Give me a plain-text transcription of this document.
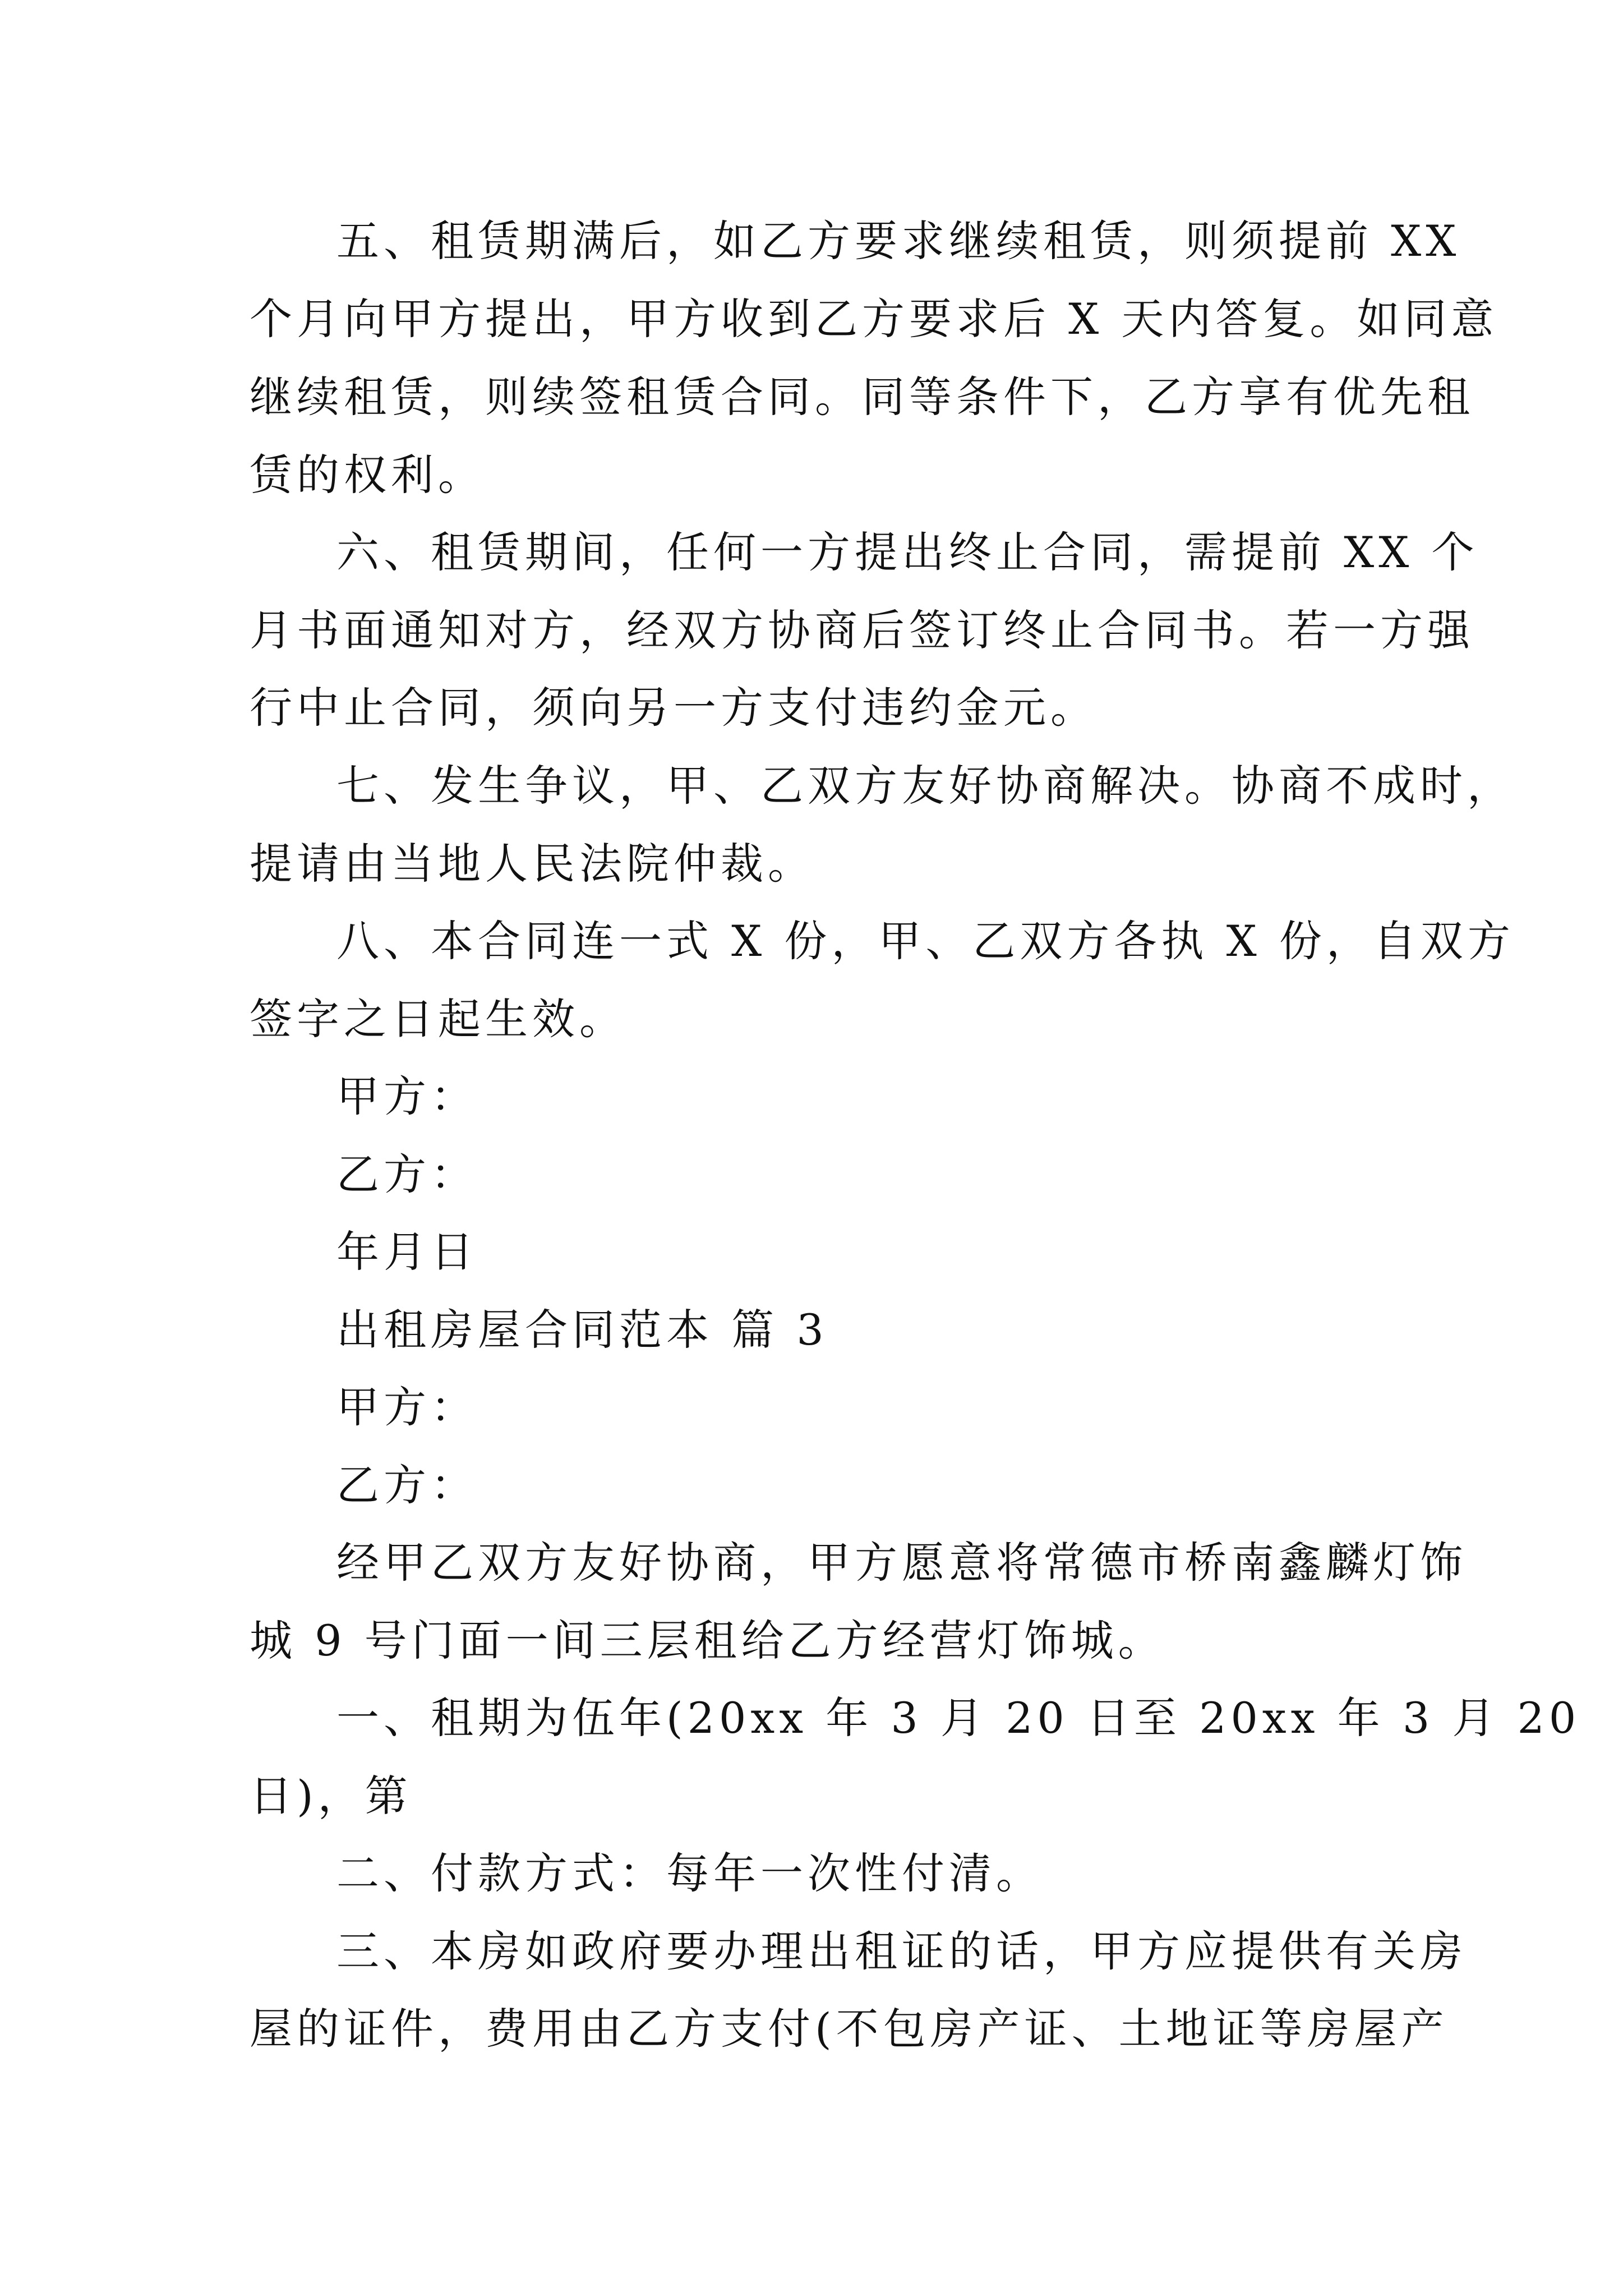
五、租赁期满后，如乙方要求继续租赁，则须提前 XX
个月向甲方提出，甲方收到乙方要求后 X 天内答复。如同意
继续租赁，则续签租赁合同。同等条件下，乙方享有优先租
赁的权利。
六、租赁期间，任何一方提出终止合同，需提前 XX 个
月书面通知对方，经双方协商后签订终止合同书。若一方强
行中止合同，须向另一方支付违约金元。
七、发生争议，甲、乙双方友好协商解决。协商不成时，
提请由当地人民法院仲裁。
八、本合同连一式 X 份，甲、乙双方各执 X 份，自双方
签字之日起生效。
甲方：
乙方：
年月日
出租房屋合同范本 篇 3
甲方：
乙方：
经甲乙双方友好协商，甲方愿意将常德市桥南鑫麟灯饰
城 9 号门面一间三层租给乙方经营灯饰城。
一、租期为伍年(20xx 年 3 月 20 日至 20xx 年 3 月 20
日)，第
二、付款方式：每年一次性付清。
三、本房如政府要办理出租证的话，甲方应提供有关房
屋的证件，费用由乙方支付(不包房产证、土地证等房屋产
